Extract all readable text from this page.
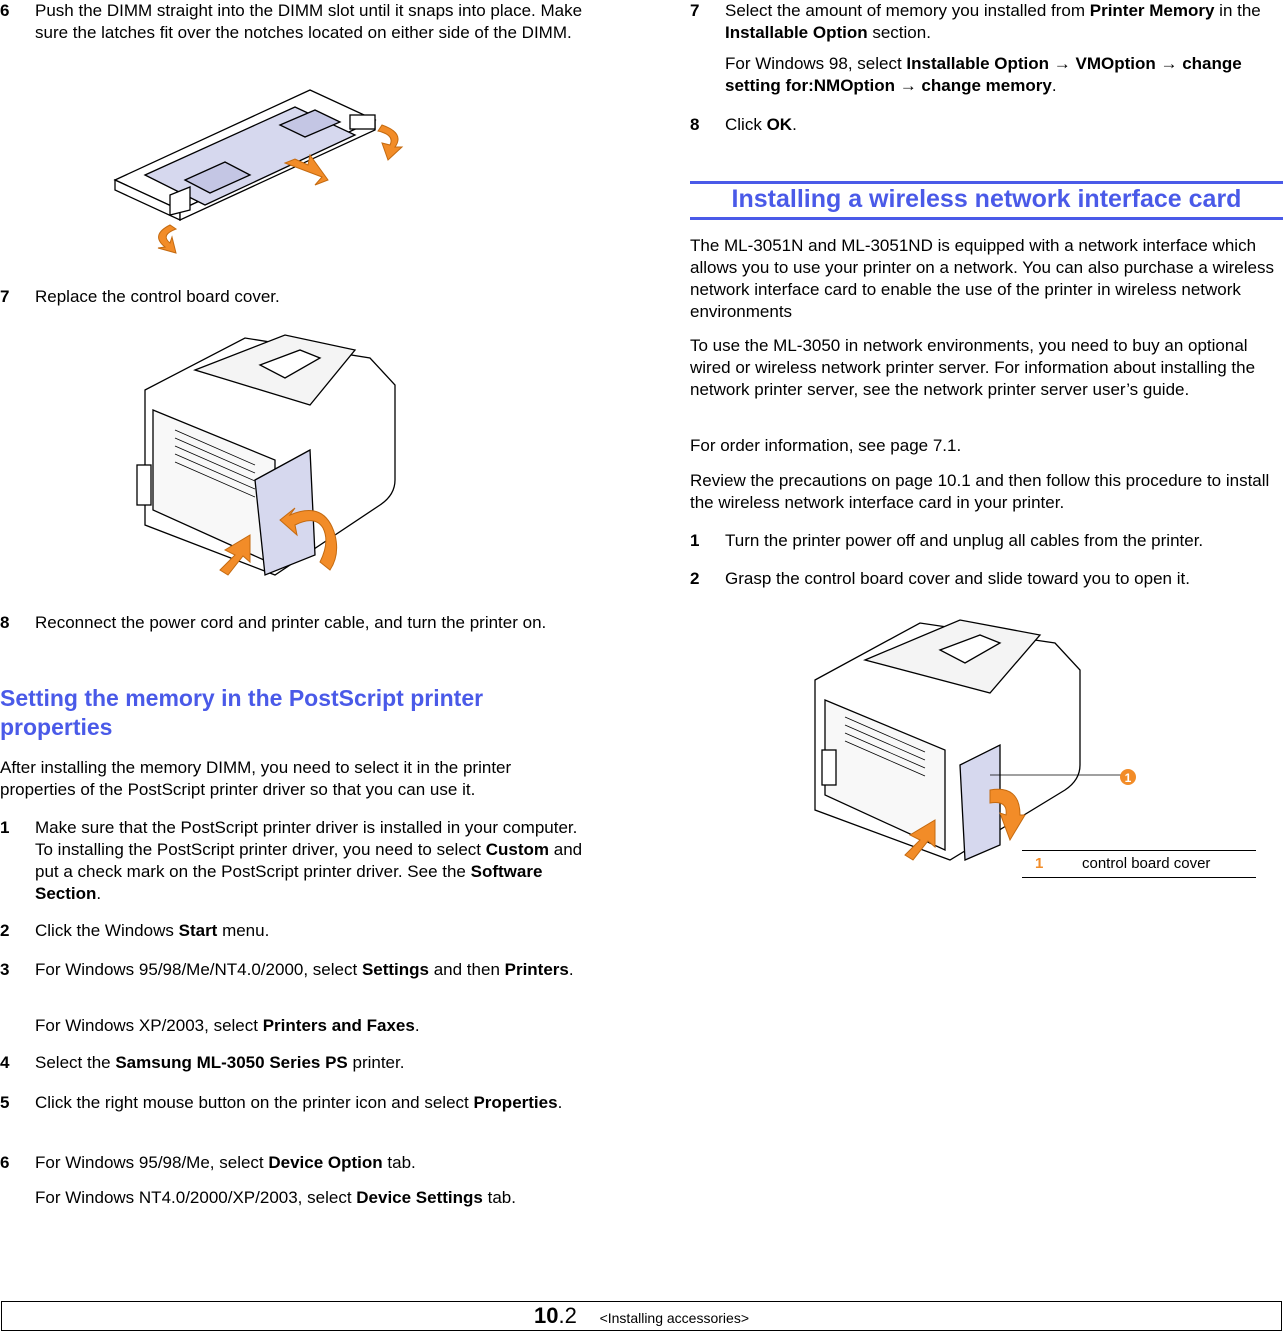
6 Push the DIMM straight into the DIMM slot until it snaps into place. Make sure the latches fit over the notches located on either side of the DIMM.
7 Replace the control board cover.
8 Reconnect the power cord and printer cable, and turn the printer on.
Setting the memory in the PostScript printer properties
After installing the memory DIMM, you need to select it in the printer properties of the PostScript printer driver so that you can use it.
1 Make sure that the PostScript printer driver is installed in your computer. To installing the PostScript printer driver, you need to select Custom and put a check mark on the PostScript printer driver. See the Software Section.
2 Click the Windows Start menu.
3 For Windows 95/98/Me/NT4.0/2000, select Settings and then Printers.
For Windows XP/2003, select Printers and Faxes.
4 Select the Samsung ML-3050 Series PS printer.
5 Click the right mouse button on the printer icon and select Properties.
6 For Windows 95/98/Me, select Device Option tab.
For Windows NT4.0/2000/XP/2003, select Device Settings tab.
7 Select the amount of memory you installed from Printer Memory in the Installable Option section.
For Windows 98, select Installable Option → VMOption → change setting for:NMOption → change memory.
8 Click OK.
Installing a wireless network interface card
The ML-3051N and ML-3051ND is equipped with a network interface which allows you to use your printer on a network. You can also purchase a wireless network interface card to enable the use of the printer in wireless network environments
To use the ML-3050 in network environments, you need to buy an optional wired or wireless network printer server. For information about installing the network printer server, see the network printer server user’s guide.
For order information, see page 7.1.
Review the precautions on page 10.1 and then follow this procedure to install the wireless network interface card in your printer.
1 Turn the printer power off and unplug all cables from the printer.
2 Grasp the control board cover and slide toward you to open it.
1
1	control board cover
10.2 <Installing accessories>
